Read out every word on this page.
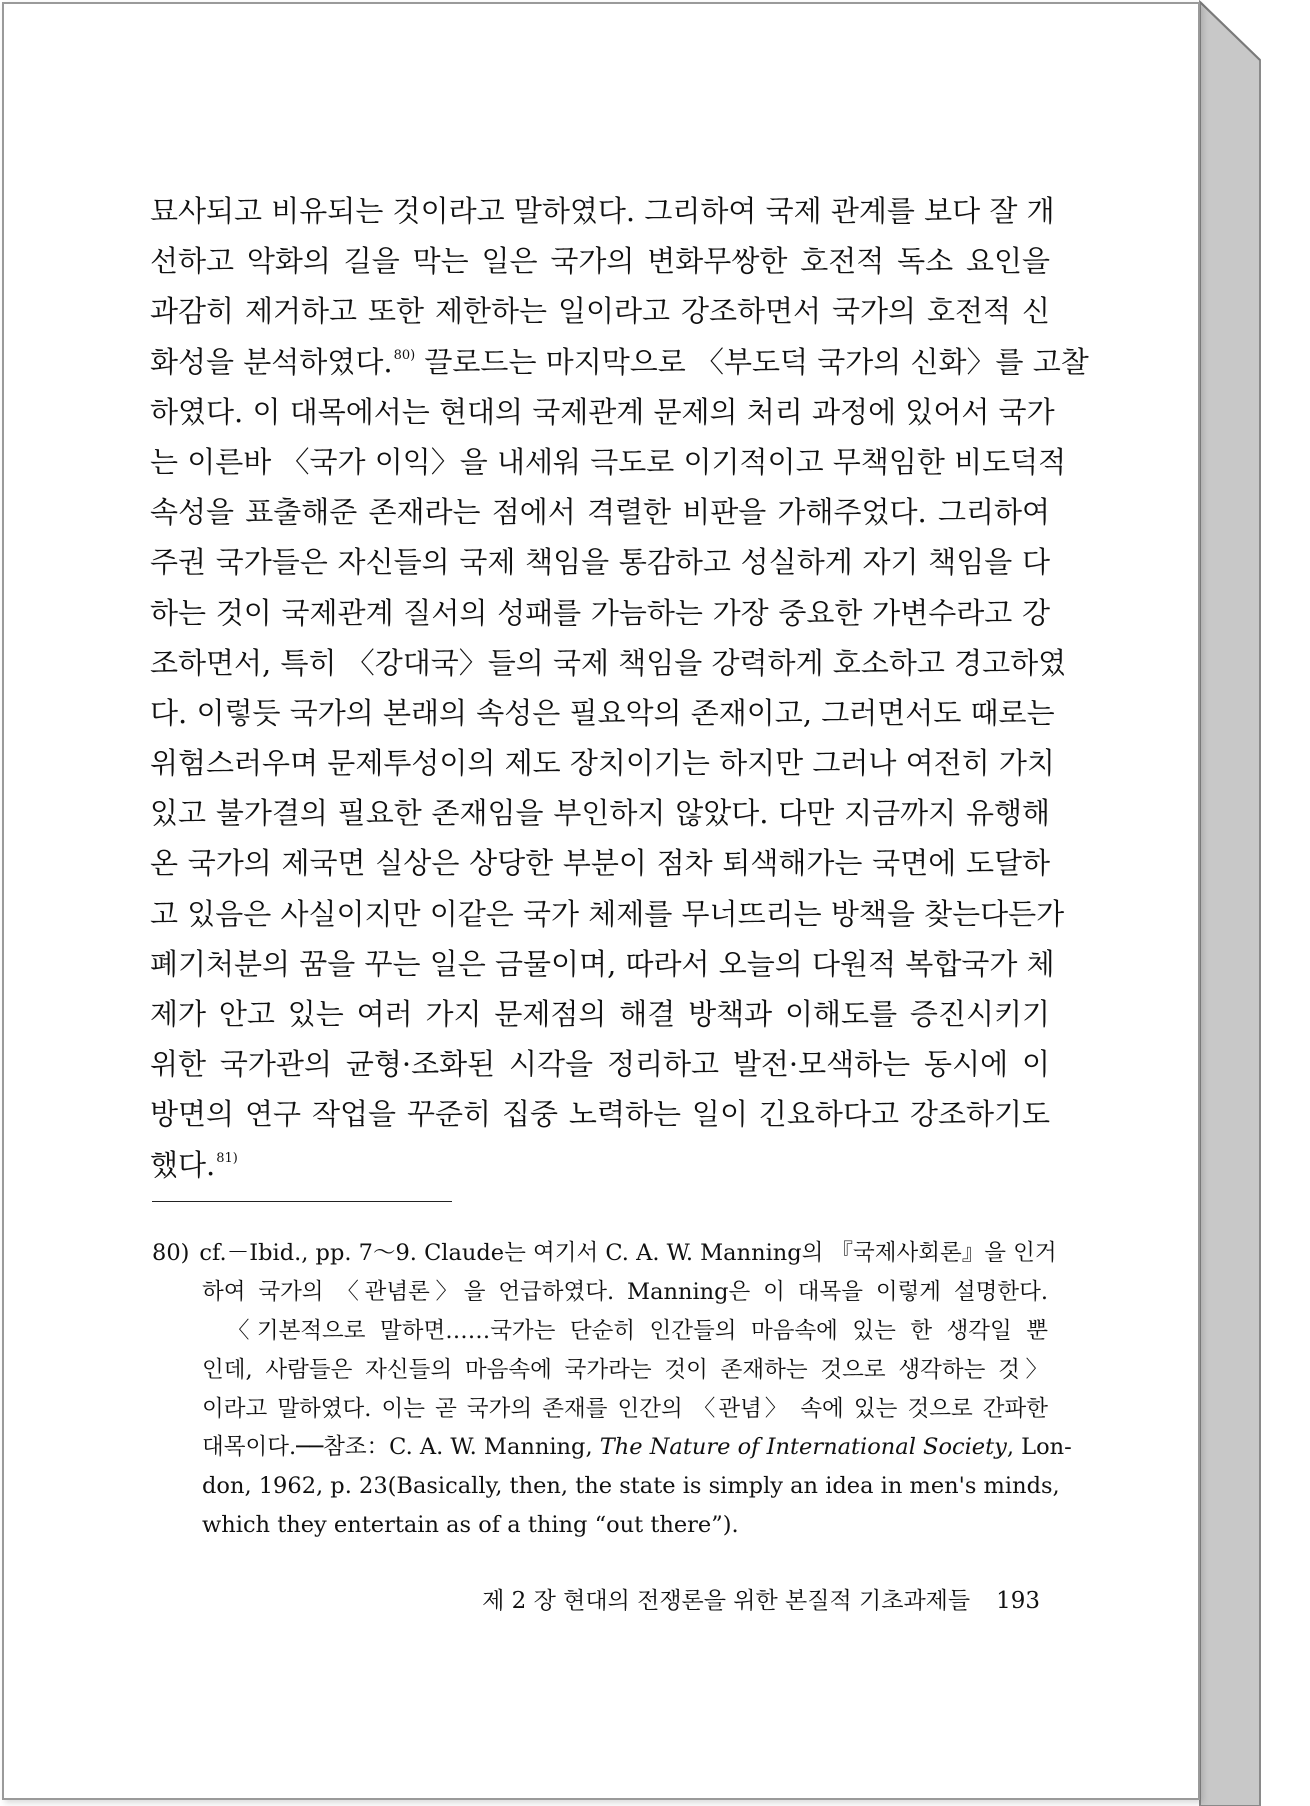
묘사되고 비유되는 것이라고 말하였다. 그리하여 국제 관계를 보다 잘 개
선하고 악화의 길을 막는 일은 국가의 변화무쌍한 호전적 독소 요인을
과감히 제거하고 또한 제한하는 일이라고 강조하면서 국가의 호전적 신
화성을 분석하였다.$^{80)}$ 끌로드는 마지막으로 〈부도덕 국가의 신화〉를 고찰
하였다. 이 대목에서는 현대의 국제관계 문제의 처리 과정에 있어서 국가
는 이른바 〈국가 이익〉을 내세워 극도로 이기적이고 무책임한 비도덕적
속성을 표출해준 존재라는 점에서 격렬한 비판을 가해주었다. 그리하여
주권 국가들은 자신들의 국제 책임을 통감하고 성실하게 자기 책임을 다
하는 것이 국제관계 질서의 성패를 가늠하는 가장 중요한 가변수라고 강
조하면서, 특히 〈강대국〉들의 국제 책임을 강력하게 호소하고 경고하였
다. 이렇듯 국가의 본래의 속성은 필요악의 존재이고, 그러면서도 때로는
위험스러우며 문제투성이의 제도 장치이기는 하지만 그러나 여전히 가치
있고 불가결의 필요한 존재임을 부인하지 않았다. 다만 지금까지 유행해
온 국가의 제국면 실상은 상당한 부분이 점차 퇴색해가는 국면에 도달하
고 있음은 사실이지만 이같은 국가 체제를 무너뜨리는 방책을 찾는다든가
폐기처분의 꿈을 꾸는 일은 금물이며, 따라서 오늘의 다원적 복합국가 체
제가 안고 있는 여러 가지 문제점의 해결 방책과 이해도를 증진시키기
위한 국가관의 균형·조화된 시각을 정리하고 발전·모색하는 동시에 이
방면의 연구 작업을 꾸준히 집중 노력하는 일이 긴요하다고 강조하기도
했다.$^{81)}$
80) cf.－Ibid., pp. 7～9. Claude는 여기서 C. A. W. Manning의 『국제사회론』을 인거
하여 국가의 〈관념론〉을 언급하였다. Manning은 이 대목을 이렇게 설명한다.
〈기본적으로 말하면……국가는 단순히 인간들의 마음속에 있는 한 생각일 뿐
인데, 사람들은 자신들의 마음속에 국가라는 것이 존재하는 것으로 생각하는 것〉
이라고 말하였다. 이는 곧 국가의 존재를 인간의 〈관념〉 속에 있는 것으로 간파한
대목이다.──참조：C. A. W. Manning, The Nature of International Society, Lon-
don, 1962, p. 23(Basically, then, the state is simply an idea in men's minds,
which they entertain as of a thing “out there”).
제 2 장 현대의 전쟁론을 위한 본질적 기초과제들 193
